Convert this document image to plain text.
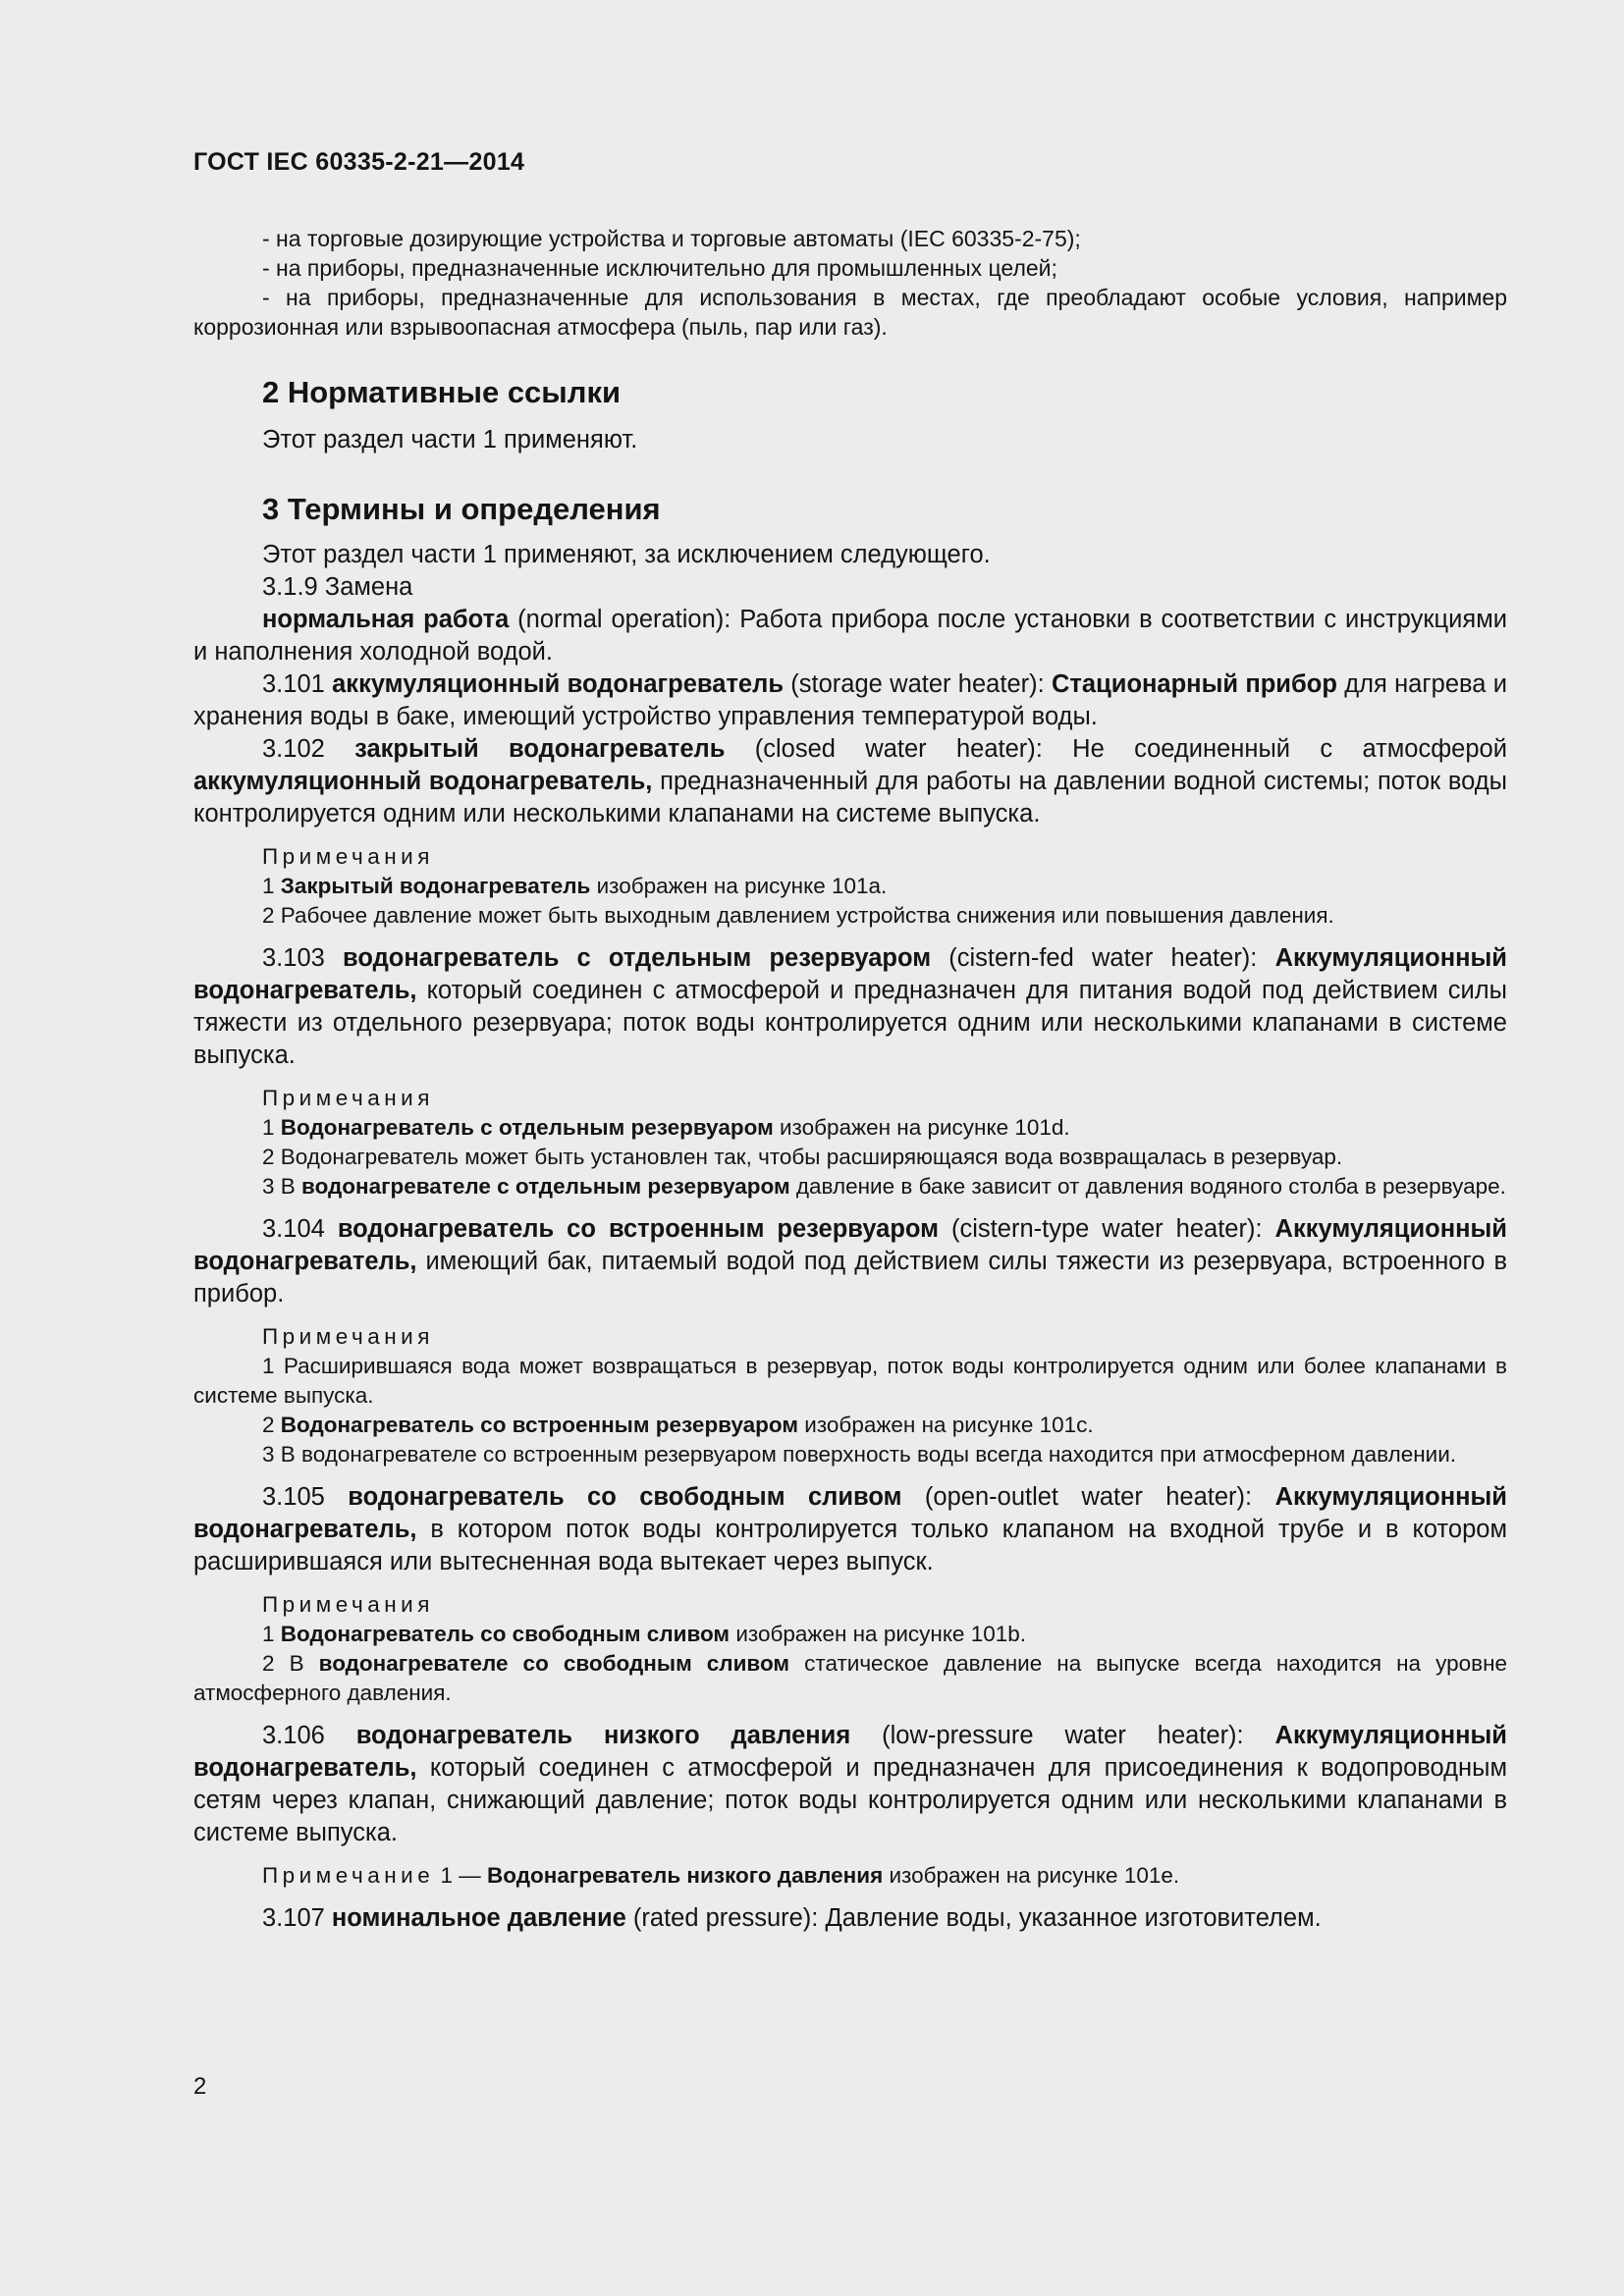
ГОСТ IEC 60335-2-21—2014

- на торговые дозирующие устройства и торговые автоматы (IEC 60335-2-75);

- на приборы, предназначенные исключительно для промышленных целей;

- на приборы, предназначенные для использования в местах, где преобладают особые условия, например коррозионная или взрывоопасная атмосфера (пыль, пар или газ).

2 Нормативные ссылки

Этот раздел части 1 применяют.

3 Термины и определения

Этот раздел части 1 применяют, за исключением следующего.

3.1.9 Замена

нормальная работа (normal operation): Работа прибора после установки в соответствии с инструкциями и наполнения холодной водой.

3.101 аккумуляционный водонагреватель (storage water heater): Стационарный прибор для нагрева и хранения воды в баке, имеющий устройство управления температурой воды.

3.102 закрытый водонагреватель (closed water heater): Не соединенный с атмосферой аккумуляционный водонагреватель, предназначенный для работы на давлении водной системы; поток воды контролируется одним или несколькими клапанами на системе выпуска.

Примечания

1 Закрытый водонагреватель изображен на рисунке 101а.

2 Рабочее давление может быть выходным давлением устройства снижения или повышения давления.

3.103 водонагреватель с отдельным резервуаром (cistern-fed water heater): Аккумуляционный водонагреватель, который соединен с атмосферой и предназначен для питания водой под действием силы тяжести из отдельного резервуара; поток воды контролируется одним или несколькими клапанами в системе выпуска.

Примечания

1 Водонагреватель с отдельным резервуаром изображен на рисунке 101d.

2 Водонагреватель может быть установлен так, чтобы расширяющаяся вода возвращалась в резервуар.

3 В водонагревателе с отдельным резервуаром давление в баке зависит от давления водяного столба в резервуаре.

3.104 водонагреватель со встроенным резервуаром (cistern-type water heater): Аккумуляционный водонагреватель, имеющий бак, питаемый водой под действием силы тяжести из резервуара, встроенного в прибор.

Примечания

1 Расширившаяся вода может возвращаться в резервуар, поток воды контролируется одним или более клапанами в системе выпуска.

2 Водонагреватель со встроенным резервуаром изображен на рисунке 101с.

3 В водонагревателе со встроенным резервуаром поверхность воды всегда находится при атмосферном давлении.

3.105 водонагреватель со свободным сливом (open-outlet water heater): Аккумуляционный водонагреватель, в котором поток воды контролируется только клапаном на входной трубе и в котором расширившаяся или вытесненная вода вытекает через выпуск.

Примечания

1 Водонагреватель со свободным сливом изображен на рисунке 101b.

2 В водонагревателе со свободным сливом статическое давление на выпуске всегда находится на уровне атмосферного давления.

3.106 водонагреватель низкого давления (low-pressure water heater): Аккумуляционный водонагреватель, который соединен с атмосферой и предназначен для присоединения к водопроводным сетям через клапан, снижающий давление; поток воды контролируется одним или несколькими клапанами в системе выпуска.

Примечание 1 — Водонагреватель низкого давления изображен на рисунке 101е.

3.107 номинальное давление (rated pressure): Давление воды, указанное изготовителем.

2
